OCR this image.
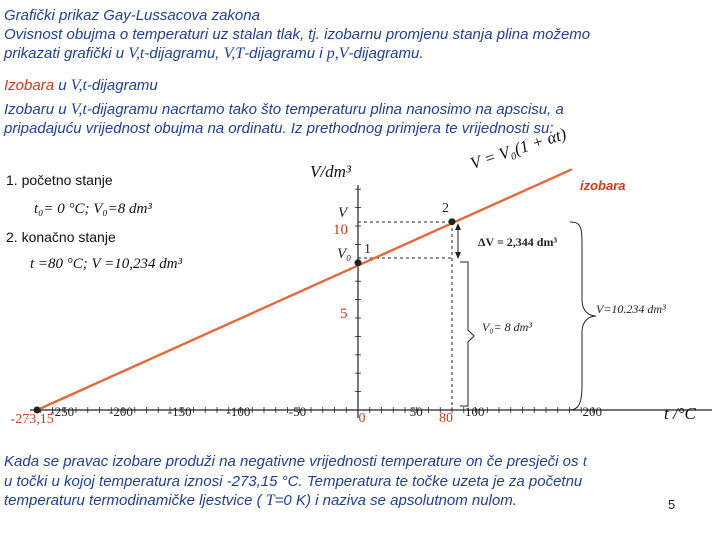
Grafički prikaz Gay-Lussacova zakona
Ovisnost obujma o temperaturi uz stalan tlak, tj. izobarnu promjenu stanja plina možemo
prikazati grafički u V,t-dijagramu, V,T-dijagramu i p,V-dijagramu.
Izobara u V,t-dijagramu
Izobaru u V,t-dijagramu nacrtamo tako što temperaturu plina nanosimo na apscisu, a
pripadajuću vrijednost obujma na ordinatu. Iz prethodnog primjera te vrijednosti su:
1. početno stanje
t₀= 0 °C; V₀=8 dm³
2. konačno stanje
t =80 °C; V =10,234 dm³
V/dm³	V = V₀(1 + αt)
izobara
V
10
V₀
5
1
2
ΔV = 2,344 dm³
V₀= 8 dm³
V=10.234 dm³
-273,15
-250	-200	-150	-100	-50	0	50 80 100	200	t /°C
Kada se pravac izobare produži na negativne vrijednosti temperature on če presječi os t
u točki u kojoj temperatura iznosi -273,15 °C. Temperatura te točke uzeta je za početnu
temperaturu termodinamičke ljestvice ( T=0 K) i naziva se apsolutnom nulom.	5
